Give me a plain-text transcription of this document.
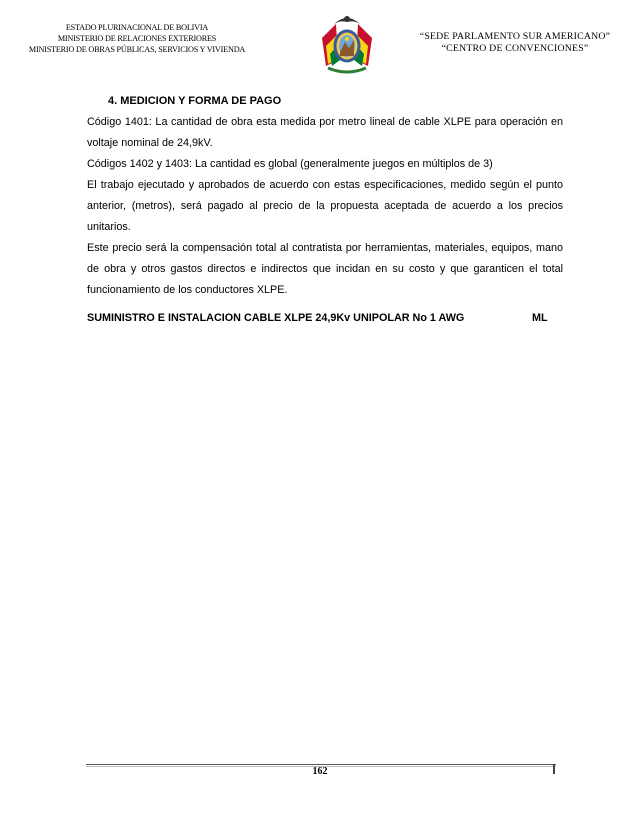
ESTADO PLURINACIONAL DE BOLIVIA
MINISTERIO DE RELACIONES EXTERIORES
MINISTERIO DE OBRAS PÚBLICAS, SERVICIOS Y VIVIENDA
“SEDE PARLAMENTO SUR AMERICANO”
“CENTRO DE CONVENCIONES”
4. MEDICION Y FORMA DE PAGO
Código 1401: La cantidad de obra esta medida por metro lineal de cable XLPE para operación en voltaje nominal de 24,9kV.
Códigos 1402 y 1403: La cantidad es global (generalmente juegos en múltiplos de 3)
El trabajo ejecutado y aprobados de acuerdo con estas especificaciones, medido según el punto anterior, (metros), será pagado al precio de la propuesta aceptada de acuerdo a los precios unitarios.
Este precio será la compensación total al contratista por herramientas, materiales, equipos, mano de obra y otros gastos directos e indirectos que incidan en su costo y que garanticen el total funcionamiento de los conductores XLPE.
SUMINISTRO E INSTALACION CABLE XLPE 24,9Kv UNIPOLAR No 1 AWG	ML
162
